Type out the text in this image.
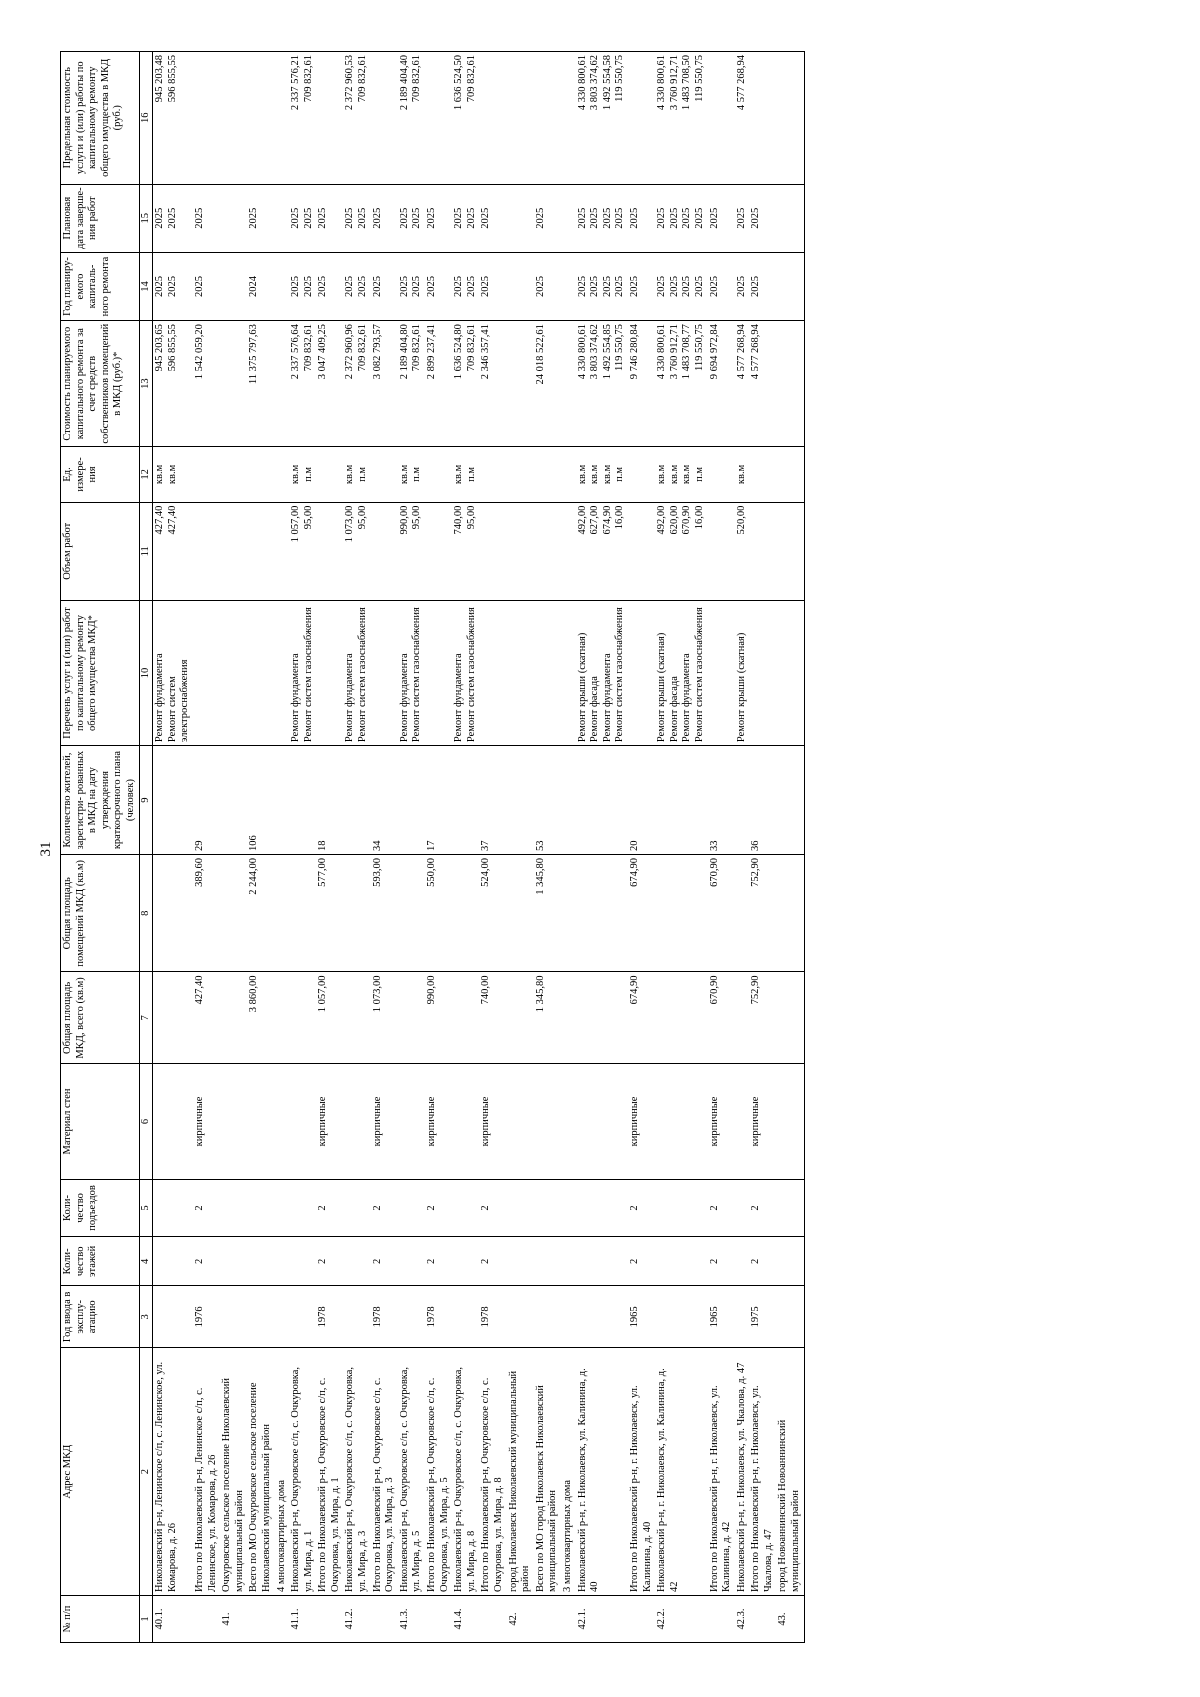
31
№ п/п	Адрес МКД	Год ввода в эксплу- атацию	Коли- чество этажей	Коли- чество подъездов	Материал стен	Общая площадь МКД, всего (кв.м)	Общая площадь помещений МКД (кв.м)	Количество жителей, зарегистри- рованных в МКД на дату утверждения краткосрочного плана (человек)	Перечень услуг и (или) работ по капитальному ремонту общего имущества МКД*	Объем работ	Ед. измере- ния	Стоимость планируемого капитального ремонта за счет средств собственников помещений в МКД (руб.)*	Год планиру- емого капиталь- ного ремонта	Плановая дата заверше- ния работ	Предельная стоимость услуги и (или) работы по капитальному ремонту общего имущества в МКД (руб.)
1	2	3	4	5	6	7	8	9	10	11	12	13	14	15	16
40.1.	Николаевский р-н, Ленинское с/п, с. Ленинское, ул. Комарова, д. 26								Ремонт фундамента Ремонт систем электроснабжения	427,40 427,40	кв.м кв.м	945 203,65 596 855,55	2025 2025	2025 2025	945 203,48 596 855,55

	Итого по Николаевский р-н, Ленинское с/п, с. Ленинское, ул. Комарова, д. 26	1976	2	2	кирпичные	427,40	389,60	29				1 542 059,20	2025	2025	

41.	Очкуровское сельское поселение Николаевский муниципальный район														
	Всего по МО Очкуровское сельское поселение Николаевский муниципальный район					3 860,00	2 244,00	106				11 375 797,63	2024	2025	

	4 многоквартирных дома														
41.1.	Николаевский р-н, Очкуровское с/п, с. Очкуровка, ул. Мира, д. 1								Ремонт фундамента Ремонт систем газоснабжения	1 057,00 95,00	кв.м п.м	2 337 576,64 709 832,61	2025 2025	2025 2025	2 337 576,21 709 832,61

	Итого по Николаевский р-н, Очкуровское с/п, с. Очкуровка, ул. Мира, д. 1	1978	2	2	кирпичные	1 057,00	577,00	18				3 047 409,25	2025	2025	

41.2.	Николаевский р-н, Очкуровское с/п, с. Очкуровка, ул. Мира, д. 3								Ремонт фундамента Ремонт систем газоснабжения	1 073,00 95,00	кв.м п.м	2 372 960,96 709 832,61	2025 2025	2025 2025	2 372 960,53 709 832,61

	Итого по Николаевский р-н, Очкуровское с/п, с. Очкуровка, ул. Мира, д. 3	1978	2	2	кирпичные	1 073,00	593,00	34				3 082 793,57	2025	2025	

41.3.	Николаевский р-н, Очкуровское с/п, с. Очкуровка, ул. Мира, д. 5								Ремонт фундамента Ремонт систем газоснабжения	990,00 95,00	кв.м п.м	2 189 404,80 709 832,61	2025 2025	2025 2025	2 189 404,40 709 832,61

	Итого по Николаевский р-н, Очкуровское с/п, с. Очкуровка, ул. Мира, д. 5	1978	2	2	кирпичные	990,00	550,00	17				2 899 237,41	2025	2025	

41.4.	Николаевский р-н, Очкуровское с/п, с. Очкуровка, ул. Мира, д. 8								Ремонт фундамента Ремонт систем газоснабжения	740,00 95,00	кв.м п.м	1 636 524,80 709 832,61	2025 2025	2025 2025	1 636 524,50 709 832,61

	Итого по Николаевский р-н, Очкуровское с/п, с. Очкуровка, ул. Мира, д. 8	1978	2	2	кирпичные	740,00	524,00	37				2 346 357,41	2025	2025	

42.	город Николаевск Николаевский муниципальный район														
	Всего по МО город Николаевск Николаевский муниципальный район					1 345,80	1 345,80	53				24 018 522,61	2025	2025	

	3 многоквартирных дома														
42.1.	Николаевский р-н, г. Николаевск, ул. Калинина, д. 40								Ремонт крыши (скатная) Ремонт фасада Ремонт фундамента Ремонт систем газоснабжения	492,00 627,00 674,90 16,00	кв.м кв.м кв.м п.м	4 330 800,61 3 803 374,62 1 492 554,85 119 550,75	2025 2025 2025 2025	2025 2025 2025 2025	4 330 800,61 3 803 374,62 1 492 554,58 119 550,75

	Итого по Николаевский р-н, г. Николаевск, ул. Калинина, д. 40	1965	2	2	кирпичные	674,90	674,90	20				9 746 280,84	2025	2025	

42.2.	Николаевский р-н, г. Николаевск, ул. Калинина, д. 42								Ремонт крыши (скатная) Ремонт фасада Ремонт фундамента Ремонт систем газоснабжения	492,00 620,00 670,90 16,00	кв.м кв.м кв.м п.м	4 330 800,61 3 760 912,71 1 483 708,77 119 550,75	2025 2025 2025 2025	2025 2025 2025 2025	4 330 800,61 3 760 912,71 1 483 708,50 119 550,75

	Итого по Николаевский р-н, г. Николаевск, ул. Калинина, д. 42	1965	2	2	кирпичные	670,90	670,90	33				9 694 972,84	2025	2025	

42.3.	Николаевский р-н, г. Николаевск, ул. Чкалова, д. 47								Ремонт крыши (скатная)	520,00	кв.м	4 577 268,94	2025	2025	4 577 268,94

	Итого по Николаевский р-н, г. Николаевск, ул. Чкалова, д. 47	1975	2	2	кирпичные	752,90	752,90	36				4 577 268,94	2025	2025	

43.	город Новоаннинский Новоаннинский муниципальный район														
